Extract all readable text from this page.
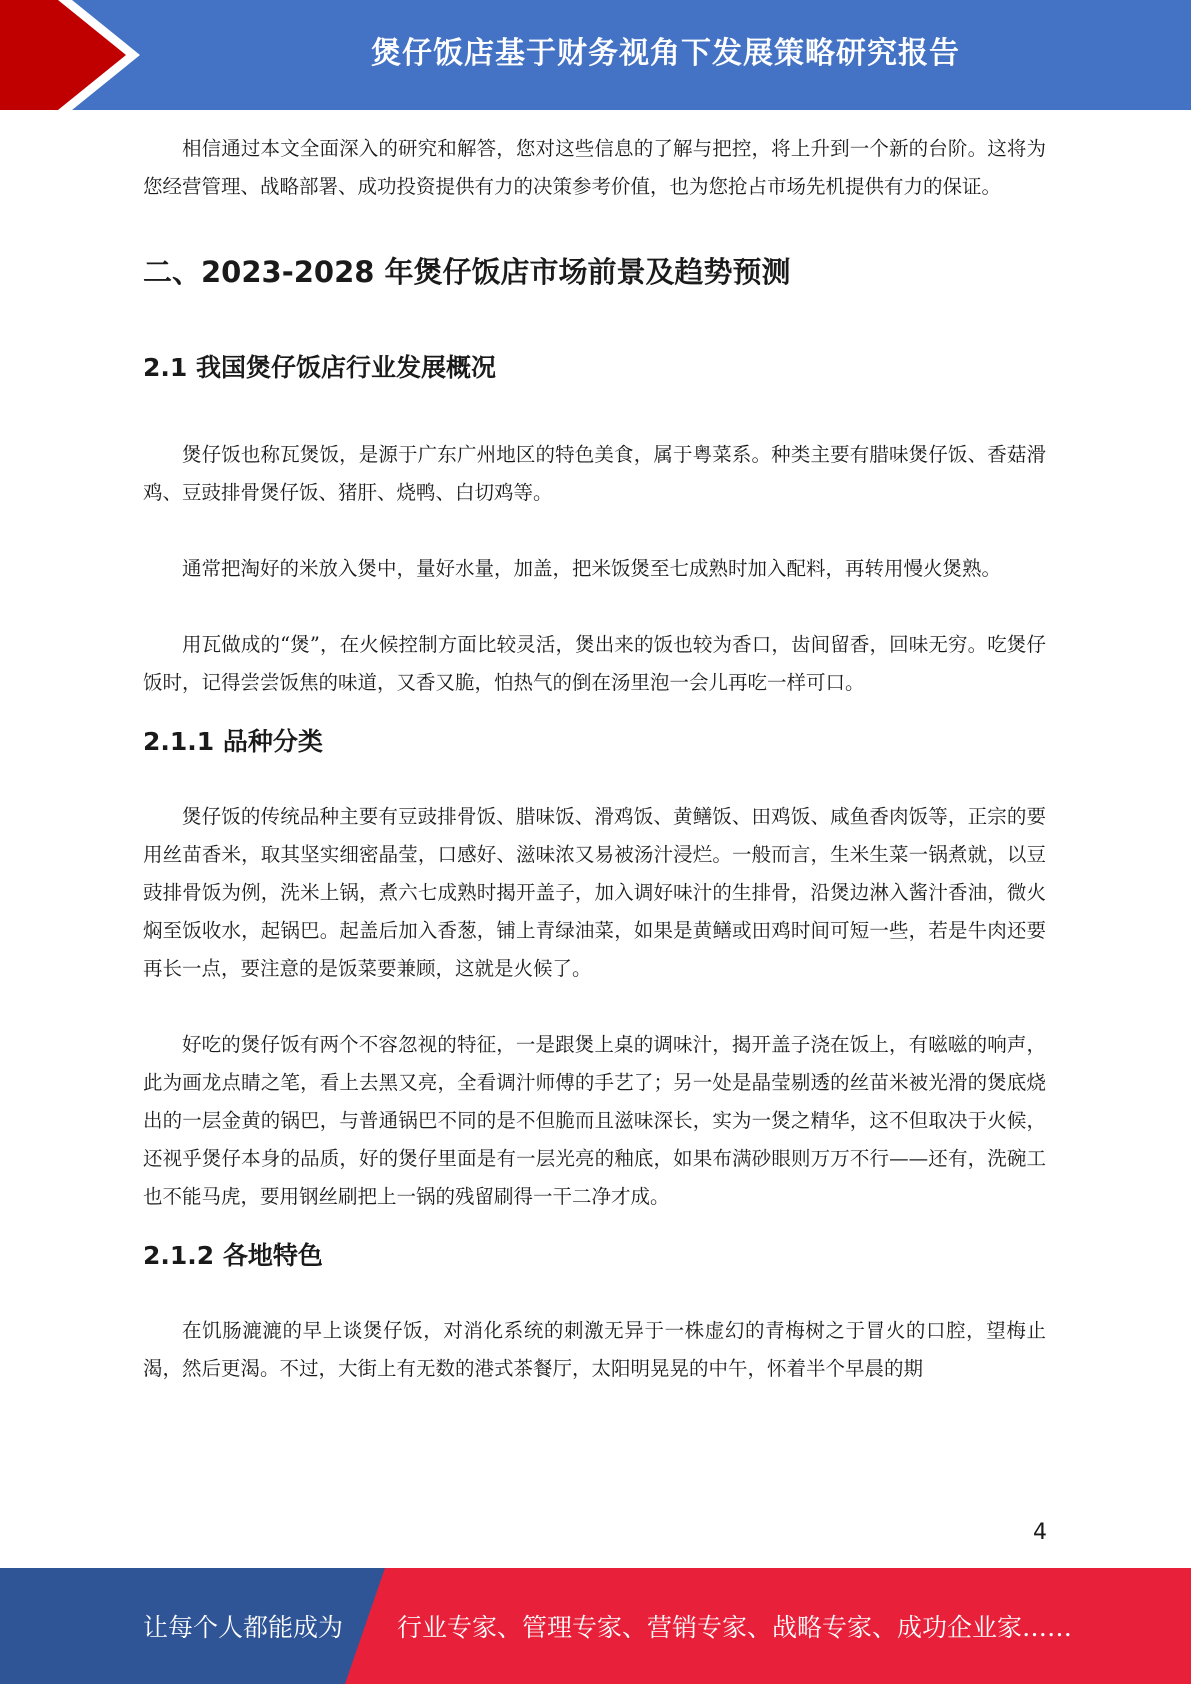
煲仔饭店基于财务视角下发展策略研究报告

相信通过本文全面深入的研究和解答，您对这些信息的了解与把控，将上升到一个新的台阶。这将为您经营管理、战略部署、成功投资提供有力的决策参考价值，也为您抢占市场先机提供有力的保证。

二、2023-2028 年煲仔饭店市场前景及趋势预测
2.1 我国煲仔饭店行业发展概况

煲仔饭也称瓦煲饭，是源于广东广州地区的特色美食，属于粤菜系。种类主要有腊味煲仔饭、香菇滑鸡、豆豉排骨煲仔饭、猪肝、烧鸭、白切鸡等。

通常把淘好的米放入煲中，量好水量，加盖，把米饭煲至七成熟时加入配料，再转用慢火煲熟。

用瓦做成的“煲”，在火候控制方面比较灵活，煲出来的饭也较为香口，齿间留香，回味无穷。吃煲仔饭时，记得尝尝饭焦的味道，又香又脆，怕热气的倒在汤里泡一会儿再吃一样可口。

2.1.1 品种分类

煲仔饭的传统品种主要有豆豉排骨饭、腊味饭、滑鸡饭、黄鳝饭、田鸡饭、咸鱼香肉饭等，正宗的要用丝苗香米，取其坚实细密晶莹，口感好、滋味浓又易被汤汁浸烂。一般而言，生米生菜一锅煮就，以豆豉排骨饭为例，洗米上锅，煮六七成熟时揭开盖子，加入调好味汁的生排骨，沿煲边淋入酱汁香油，微火焖至饭收水，起锅巴。起盖后加入香葱，铺上青绿油菜，如果是黄鳝或田鸡时间可短一些，若是牛肉还要再长一点，要注意的是饭菜要兼顾，这就是火候了。

好吃的煲仔饭有两个不容忽视的特征，一是跟煲上桌的调味汁，揭开盖子浇在饭上，有嗞嗞的响声，此为画龙点睛之笔，看上去黑又亮，全看调汁师傅的手艺了；另一处是晶莹剔透的丝苗米被光滑的煲底烧出的一层金黄的锅巴，与普通锅巴不同的是不但脆而且滋味深长，实为一煲之精华，这不但取决于火候，还视乎煲仔本身的品质，好的煲仔里面是有一层光亮的釉底，如果布满砂眼则万万不行——还有，洗碗工也不能马虎，要用钢丝刷把上一锅的残留刷得一干二净才成。

2.1.2 各地特色

在饥肠漉漉的早上谈煲仔饭，对消化系统的刺激无异于一株虚幻的青梅树之于冒火的口腔，望梅止渴，然后更渴。不过，大街上有无数的港式茶餐厅，太阳明晃晃的中午，怀着半个早晨的期

4
让每个人都能成为 行业专家、管理专家、营销专家、战略专家、成功企业家……
